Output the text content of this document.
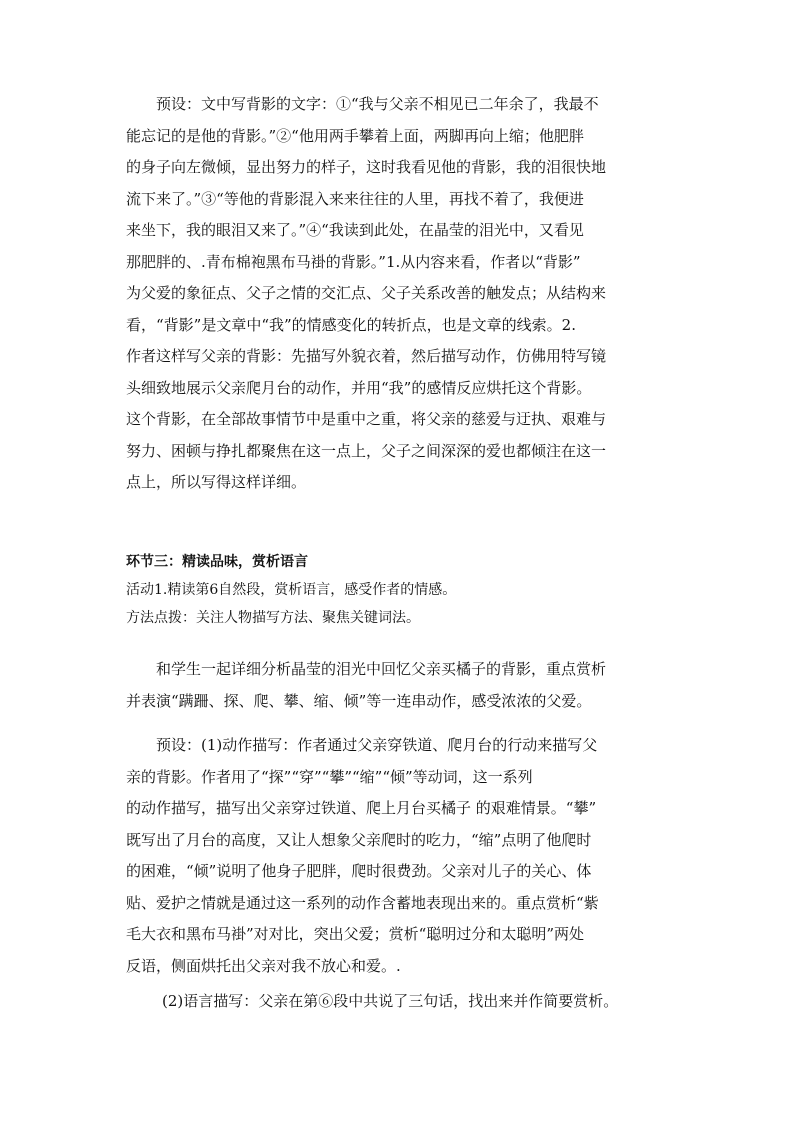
预设：文中写背影的文字：①“我与父亲不相见已二年余了，我最不
能忘记的是他的背影。”②“他用两手攀着上面，两脚再向上缩；他肥胖
的身子向左微倾，显出努力的样子，这时我看见他的背影，我的泪很快地
流下来了。”③“等他的背影混入来来往往的人里，再找不着了，我便进
来坐下，我的眼泪又来了。”④“我读到此处，在晶莹的泪光中，又看见
那肥胖的、.青布棉袍黑布马褂的背影。”1.从内容来看，作者以“背影”
为父爱的象征点、父子之情的交汇点、父子关系改善的触发点；从结构来
看，“背影”是文章中“我”的情感变化的转折点，也是文章的线索。2.
作者这样写父亲的背影：先描写外貌衣着，然后描写动作，仿佛用特写镜
头细致地展示父亲爬月台的动作，并用“我”的感情反应烘托这个背影。
这个背影，在全部故事情节中是重中之重，将父亲的慈爱与迂执、艰难与
努力、困顿与挣扎都聚焦在这一点上，父子之间深深的爱也都倾注在这一
点上，所以写得这样详细。
环节三：精读品味，赏析语言
活动1.精读第6自然段，赏析语言，感受作者的情感。
方法点拨：关注人物描写方法、聚焦关键词法。
和学生一起详细分析晶莹的泪光中回忆父亲买橘子的背影，重点赏析
并表演“蹒跚、探、爬、攀、缩、倾”等一连串动作，感受浓浓的父爱。
预设：(1)动作描写：作者通过父亲穿铁道、爬月台的行动来描写父
亲的背影。作者用了“探”“穿”“攀”“缩”“倾”等动词，这一系列
的动作描写，描写出父亲穿过铁道、爬上月台买橘子 的艰难情景。“攀”
既写出了月台的高度，又让人想象父亲爬时的吃力，“缩”点明了他爬时
的困难，“倾”说明了他身子肥胖，爬时很费劲。父亲对儿子的关心、体
贴、爱护之情就是通过这一系列的动作含蓄地表现出来的。重点赏析“紫
毛大衣和黑布马褂”对对比，突出父爱；赏析“聪明过分和太聪明”两处
反语，侧面烘托出父亲对我不放心和爱。.
(2)语言描写：父亲在第⑥段中共说了三句话，找出来并作简要赏析。
